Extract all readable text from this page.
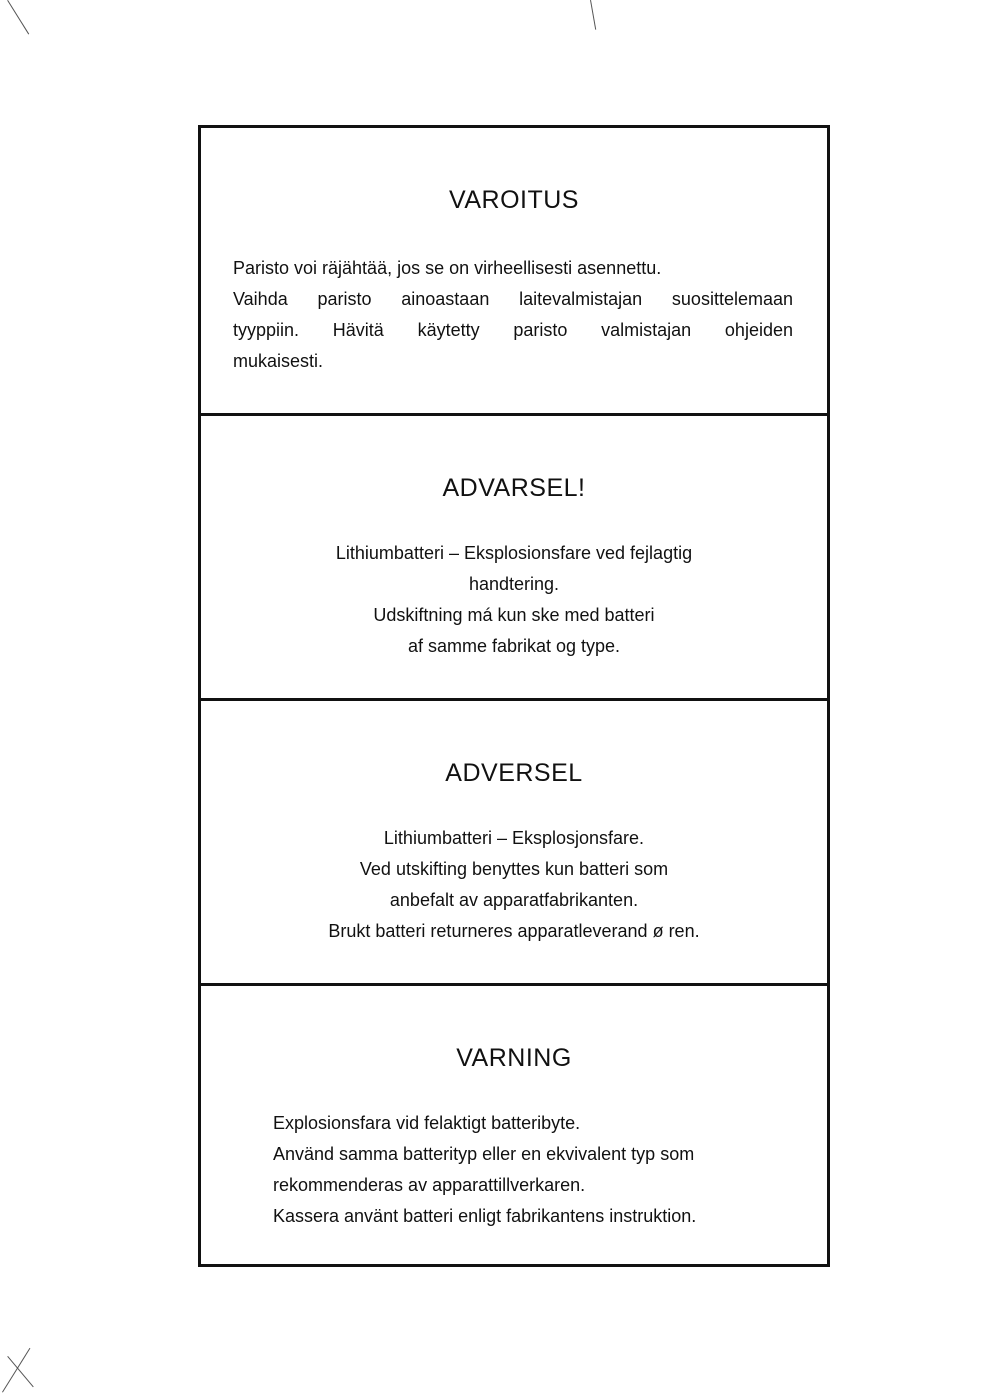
VAROITUS
Paristo voi räjähtää, jos se on virheellisesti asennettu.
Vaihda paristo ainoastaan laitevalmistajan suosittelemaan
tyyppiin. Hävitä käytetty paristo valmistajan ohjeiden
mukaisesti.
ADVARSEL!
Lithiumbatteri – Eksplosionsfare ved fejlagtig
handtering.
Udskiftning má kun ske med batteri
af samme fabrikat og type.
ADVERSEL
Lithiumbatteri – Eksplosjonsfare.
Ved utskifting benyttes kun batteri som
anbefalt av apparatfabrikanten.
Brukt batteri returneres apparatleverand ø ren.
VARNING
Explosionsfara vid felaktigt batteribyte.
Använd samma batterityp eller en ekvivalent typ som
rekommenderas av apparattillverkaren.
Kassera använt batteri enligt fabrikantens instruktion.
